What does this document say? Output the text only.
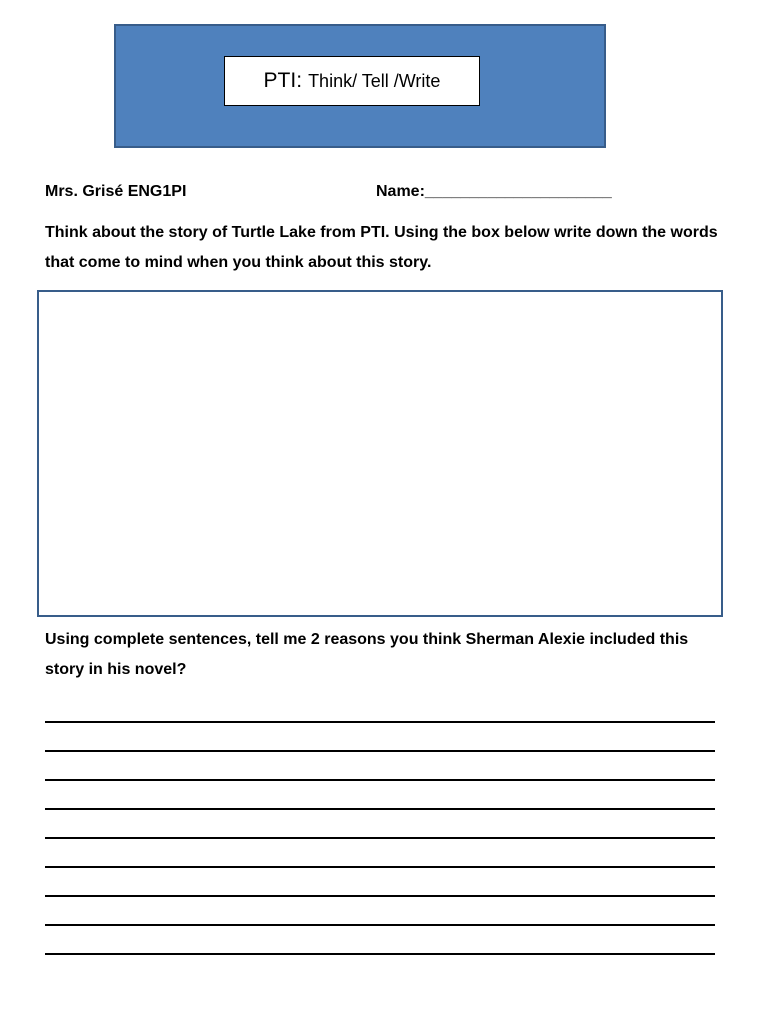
PTI: Think/ Tell /Write
Mrs. Grisé ENG1PI	Name:_____________________

Think about the story of Turtle Lake from PTI. Using the box below write down the words that come to mind when you think about this story.

Using complete sentences, tell me 2 reasons you think Sherman Alexie included this story in his novel?
